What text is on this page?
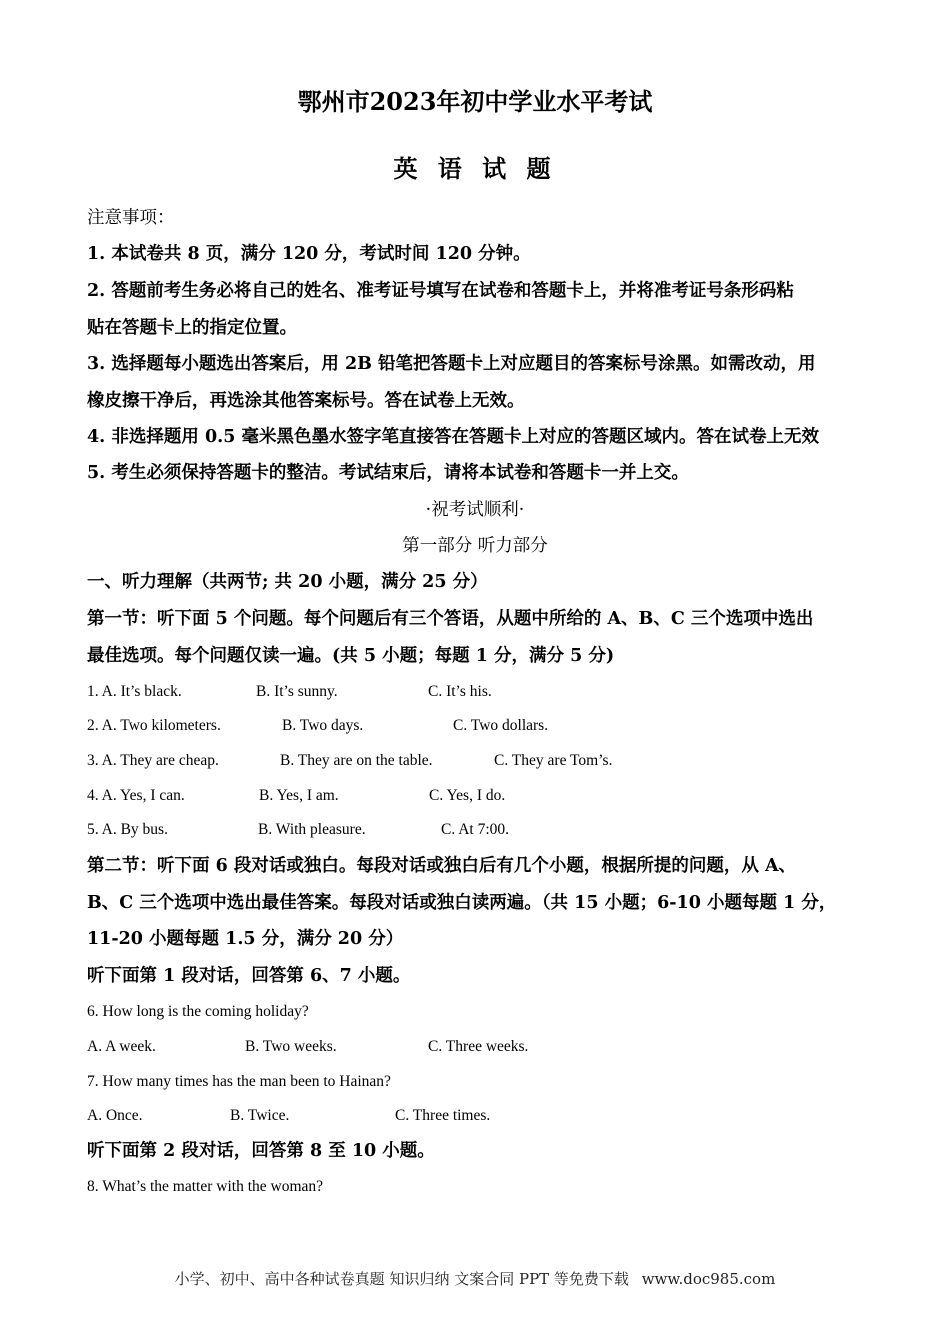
鄂州市2023年初中学业水平考试
英 语 试 题
注意事项：
1. 本试卷共 8 页，满分 120 分，考试时间 120 分钟。
2. 答题前考生务必将自己的姓名、准考证号填写在试卷和答题卡上，并将准考证号条形码粘
贴在答题卡上的指定位置。
3. 选择题每小题选出答案后，用 2B 铅笔把答题卡上对应题目的答案标号涂黑。如需改动，用
橡皮擦干净后，再选涂其他答案标号。答在试卷上无效。
4. 非选择题用 0.5 毫米黑色墨水签字笔直接答在答题卡上对应的答题区域内。答在试卷上无效
5. 考生必须保持答题卡的整洁。考试结束后，请将本试卷和答题卡一并上交。
·祝考试顺利·
第一部分 听力部分
一、听力理解（共两节; 共 20 小题，满分 25 分）
第一节：听下面 5 个问题。每个问题后有三个答语，从题中所给的 A、B、C 三个选项中选出
最佳选项。每个问题仅读一遍。(共 5 小题；每题 1 分，满分 5 分)
1. A. It’s black.	B. It’s sunny.	C. It’s his.
2. A. Two kilometers.	B. Two days.	C. Two dollars.
3. A. They are cheap.	B. They are on the table.	C. They are Tom’s.
4. A. Yes, I can.	B. Yes, I am.	C. Yes, I do.
5. A. By bus.	B. With pleasure.	C. At 7:00.
第二节：听下面 6 段对话或独白。每段对话或独白后有几个小题，根据所提的问题，从 A、
B、C 三个选项中选出最佳答案。每段对话或独白读两遍。（共 15 小题；6-10 小题每题 1 分，
11-20 小题每题 1.5 分，满分 20 分）
听下面第 1 段对话，回答第 6、7 小题。
6. How long is the coming holiday?
A. A week.	B. Two weeks.	C. Three weeks.
7. How many times has the man been to Hainan?
A. Once.	B. Twice.	C. Three times.
听下面第 2 段对话，回答第 8 至 10 小题。
8. What’s the matter with the woman?
小学、初中、高中各种试卷真题 知识归纳 文案合同 PPT 等免费下载 www.doc985.com
